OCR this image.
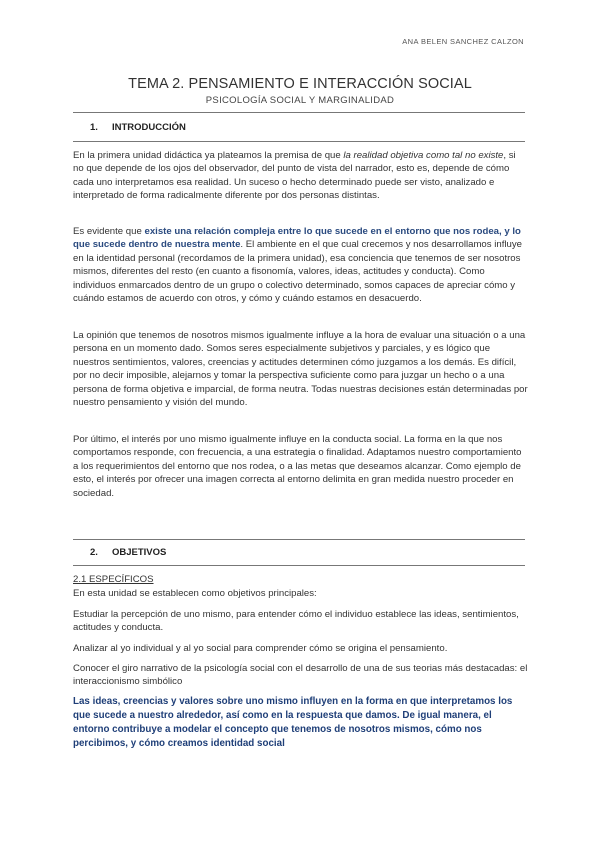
ANA BELEN SANCHEZ CALZON
TEMA 2. PENSAMIENTO E INTERACCIÓN SOCIAL
PSICOLOGÍA SOCIAL Y MARGINALIDAD
1. INTRODUCCIÓN

En la primera unidad didáctica ya plateamos la premisa de que la realidad objetiva como tal no existe, si no que depende de los ojos del observador, del punto de vista del narrador, esto es, depende de cómo cada uno interpretamos esa realidad. Un suceso o hecho determinado puede ser visto, analizado e interpretado de forma radicalmente diferente por dos personas distintas.

Es evidente que existe una relación compleja entre lo que sucede en el entorno que nos rodea, y lo que sucede dentro de nuestra mente. El ambiente en el que cual crecemos y nos desarrollamos influye en la identidad personal (recordamos de la primera unidad), esa conciencia que tenemos de ser nosotros mismos, diferentes del resto (en cuanto a fisonomía, valores, ideas, actitudes y conducta). Como individuos enmarcados dentro de un grupo o colectivo determinado, somos capaces de apreciar cómo y cuándo estamos de acuerdo con otros, y cómo y cuándo estamos en desacuerdo.

La opinión que tenemos de nosotros mismos igualmente influye a la hora de evaluar una situación o a una persona en un momento dado. Somos seres especialmente subjetivos y parciales, y es lógico que nuestros sentimientos, valores, creencias y actitudes determinen cómo juzgamos a los demás. Es difícil, por no decir imposible, alejarnos y tomar la perspectiva suficiente como para juzgar un hecho o a una persona de forma objetiva e imparcial, de forma neutra. Todas nuestras decisiones están determinadas por nuestro pensamiento y visión del mundo.

Por último, el interés por uno mismo igualmente influye en la conducta social. La forma en la que nos comportamos responde, con frecuencia, a una estrategia o finalidad. Adaptamos nuestro comportamiento a los requerimientos del entorno que nos rodea, o a las metas que deseamos alcanzar. Como ejemplo de esto, el interés por ofrecer una imagen correcta al entorno delimita en gran medida nuestro proceder en sociedad.

2. OBJETIVOS
2.1 ESPECÍFICOS

En esta unidad se establecen como objetivos principales:

Estudiar la percepción de uno mismo, para entender cómo el individuo establece las ideas, sentimientos, actitudes y conducta.

Analizar al yo individual y al yo social para comprender cómo se origina el pensamiento.

Conocer el giro narrativo de la psicología social con el desarrollo de una de sus teorias más destacadas: el interaccionismo simbólico

Las ideas, creencias y valores sobre uno mismo influyen en la forma en que interpretamos los que sucede a nuestro alrededor, así como en la respuesta que damos. De igual manera, el entorno contribuye a modelar el concepto que tenemos de nosotros mismos, cómo nos percibimos, y cómo creamos identidad social
